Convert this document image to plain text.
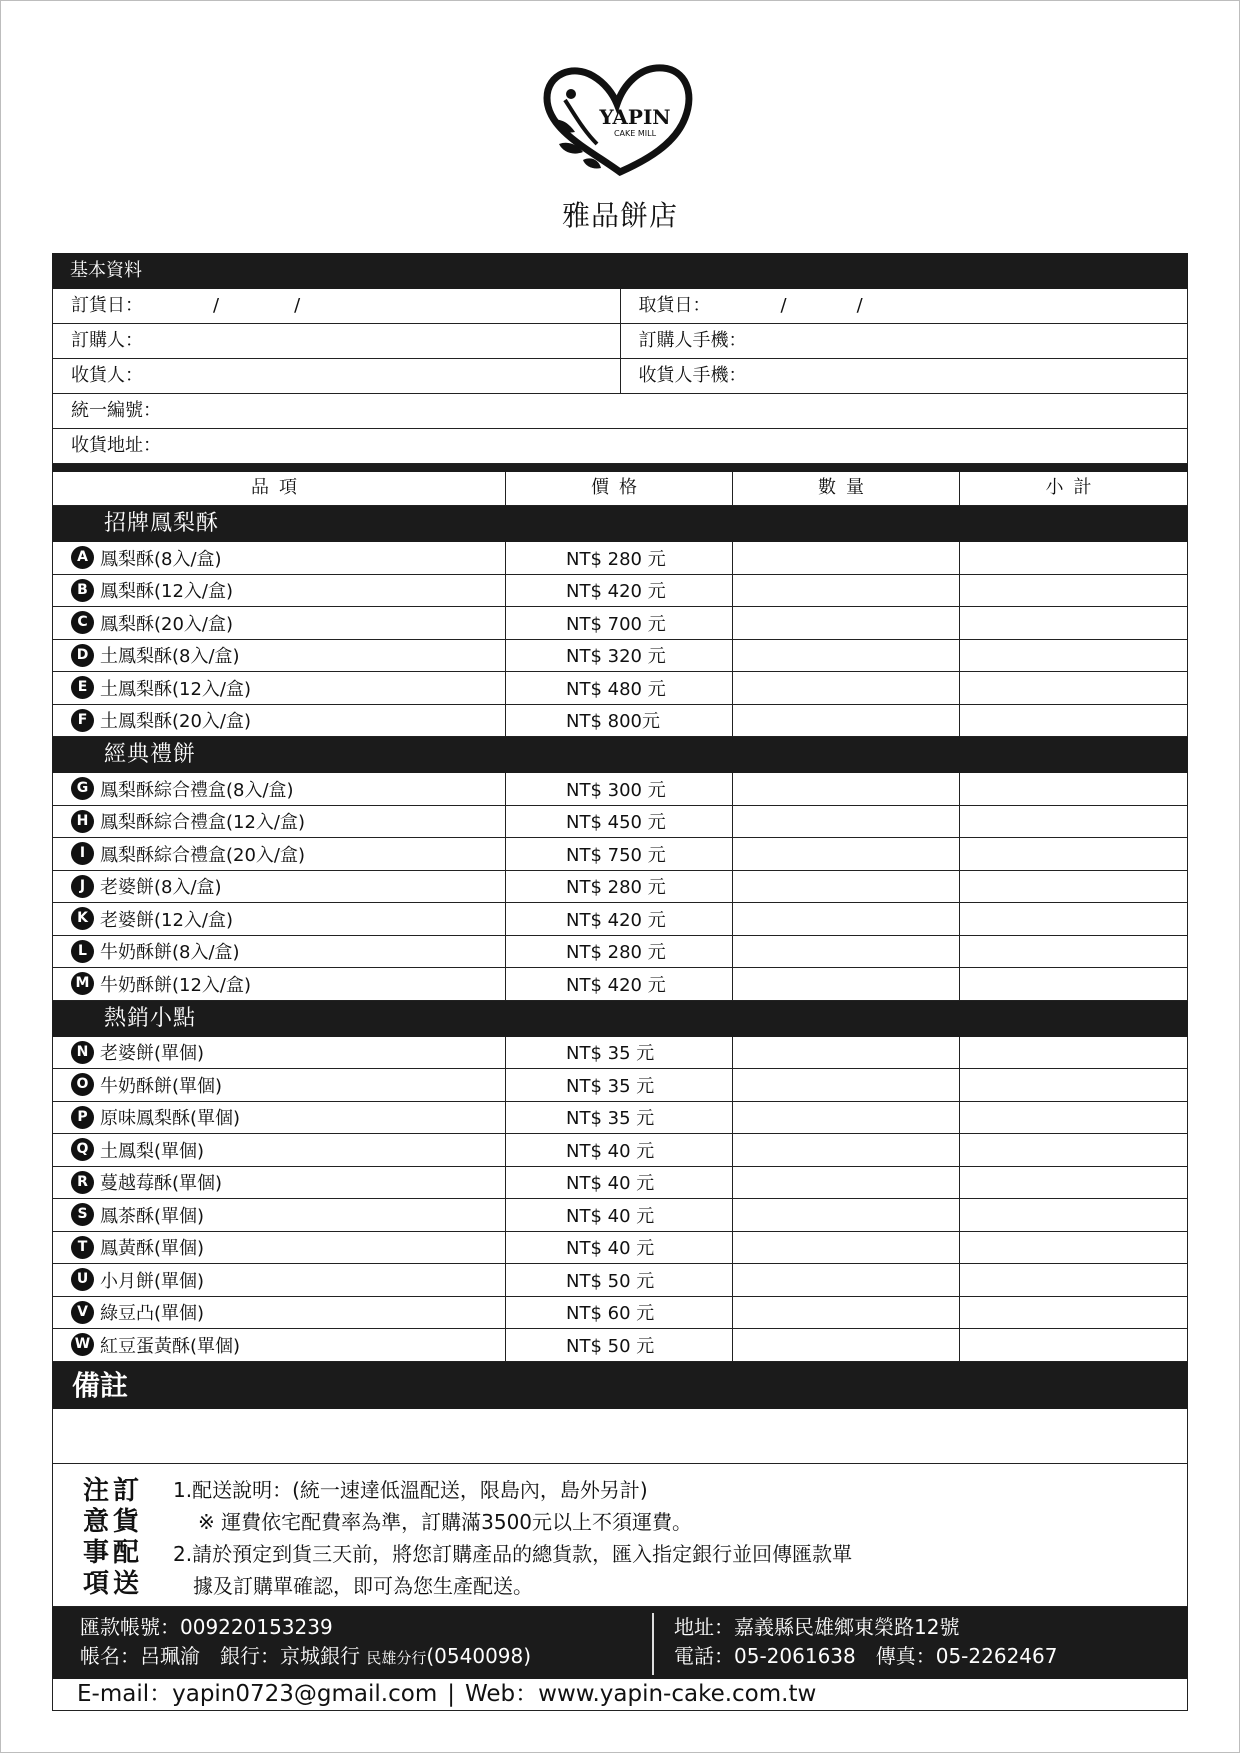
YAPIN
CAKE MILL
雅品餅店
基本資料
訂貨日：	/	/	取貨日：	/	/
訂購人：	訂購人手機：
收貨人：	收貨人手機：
統一編號：
收貨地址：
品項	價格	數量	小計
招牌鳳梨酥
A 鳳梨酥(8入/盒)	NT$ 280 元
B 鳳梨酥(12入/盒)	NT$ 420 元
C 鳳梨酥(20入/盒)	NT$ 700 元
D 土鳳梨酥(8入/盒)	NT$ 320 元
E 土鳳梨酥(12入/盒)	NT$ 480 元
F 土鳳梨酥(20入/盒)	NT$ 800元
經典禮餅
G 鳳梨酥綜合禮盒(8入/盒)	NT$ 300 元
H 鳳梨酥綜合禮盒(12入/盒)	NT$ 450 元
I 鳳梨酥綜合禮盒(20入/盒)	NT$ 750 元
J 老婆餅(8入/盒)	NT$ 280 元
K 老婆餅(12入/盒)	NT$ 420 元
L 牛奶酥餅(8入/盒)	NT$ 280 元
M 牛奶酥餅(12入/盒)	NT$ 420 元
熱銷小點
N 老婆餅(單個)	NT$ 35 元
O 牛奶酥餅(單個)	NT$ 35 元
P 原味鳳梨酥(單個)	NT$ 35 元
Q 土鳳梨(單個)	NT$ 40 元
R 蔓越莓酥(單個)	NT$ 40 元
S 鳳茶酥(單個)	NT$ 40 元
T 鳳黃酥(單個)	NT$ 40 元
U 小月餅(單個)	NT$ 50 元
V 綠豆凸(單個)	NT$ 60 元
W 紅豆蛋黃酥(單個)	NT$ 50 元
備註
注訂
意貨
事配
項送
1.配送說明：(統一速達低溫配送，限島內，島外另計)
※ 運費依宅配費率為準，訂購滿3500元以上不須運費。
2.請於預定到貨三天前，將您訂購產品的總貨款，匯入指定銀行並回傳匯款單
據及訂購單確認，即可為您生產配送。
匯款帳號：009220153239
帳名：呂珮渝　銀行：京城銀行 民雄分行(0540098)
地址：嘉義縣民雄鄉東榮路12號
電話：05-2061638　傳真：05-2262467
E-mail：yapin0723@gmail.com | Web：www.yapin-cake.com.tw
